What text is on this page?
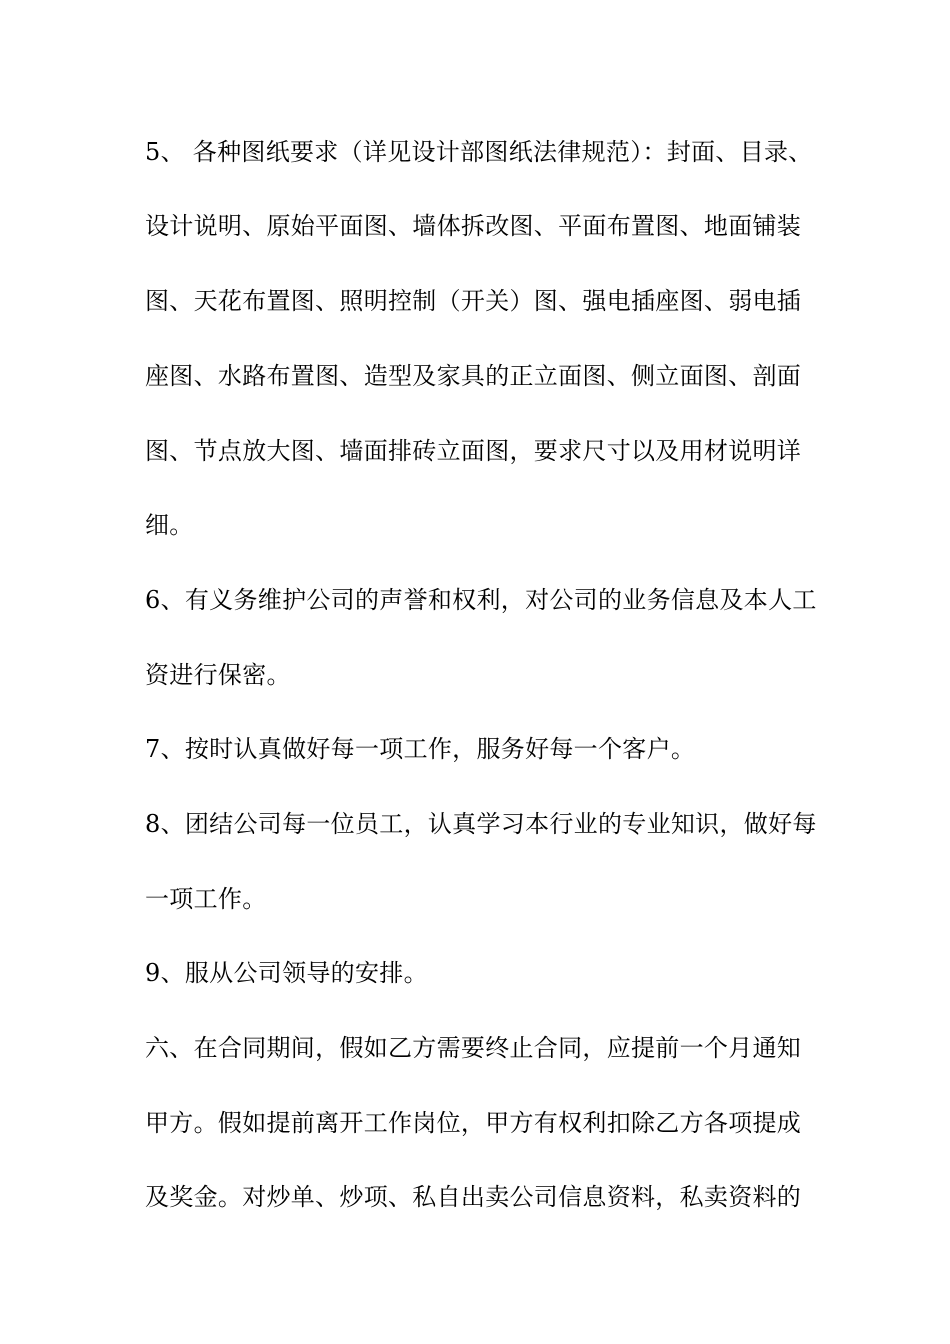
5、 各种图纸要求（详见设计部图纸法律规范）：封面、目录、
设计说明、原始平面图、墙体拆改图、平面布置图、地面铺装
图、天花布置图、照明控制（开关）图、强电插座图、弱电插
座图、水路布置图、造型及家具的正立面图、侧立面图、剖面
图、节点放大图、墙面排砖立面图，要求尺寸以及用材说明详
细。
6、有义务维护公司的声誉和权利，对公司的业务信息及本人工
资进行保密。
7、按时认真做好每一项工作，服务好每一个客户。
8、团结公司每一位员工，认真学习本行业的专业知识，做好每
一项工作。
9、服从公司领导的安排。
六、在合同期间，假如乙方需要终止合同，应提前一个月通知
甲方。假如提前离开工作岗位，甲方有权利扣除乙方各项提成
及奖金。对炒单、炒项、私自出卖公司信息资料，私卖资料的
